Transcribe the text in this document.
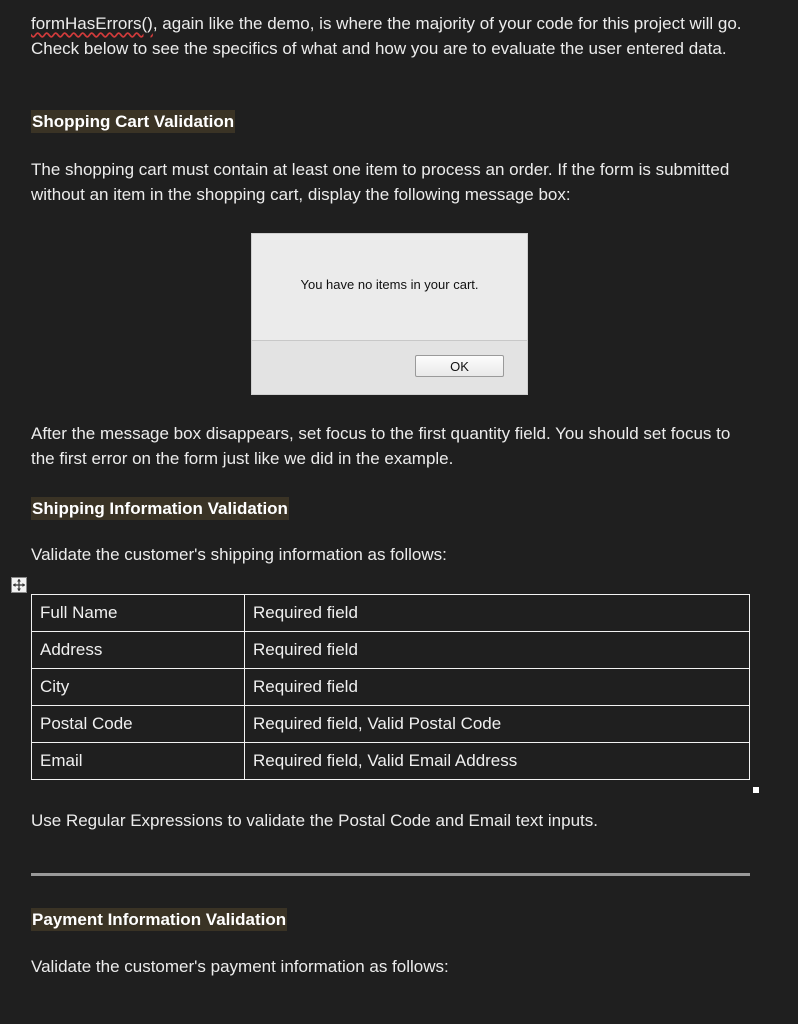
formHasErrors(), again like the demo, is where the majority of your code for this project will go. Check below to see the specifics of what and how you are to evaluate the user entered data.

Shopping Cart Validation

The shopping cart must contain at least one item to process an order. If the form is submitted without an item in the shopping cart, display the following message box:

You have no items in your cart.
OK

After the message box disappears, set focus to the first quantity field. You should set focus to the first error on the form just like we did in the example.

Shipping Information Validation

Validate the customer's shipping information as follows:

Full Name	Required field
Address	Required field
City	Required field
Postal Code	Required field, Valid Postal Code
Email	Required field, Valid Email Address

Use Regular Expressions to validate the Postal Code and Email text inputs.

Payment Information Validation

Validate the customer's payment information as follows:
